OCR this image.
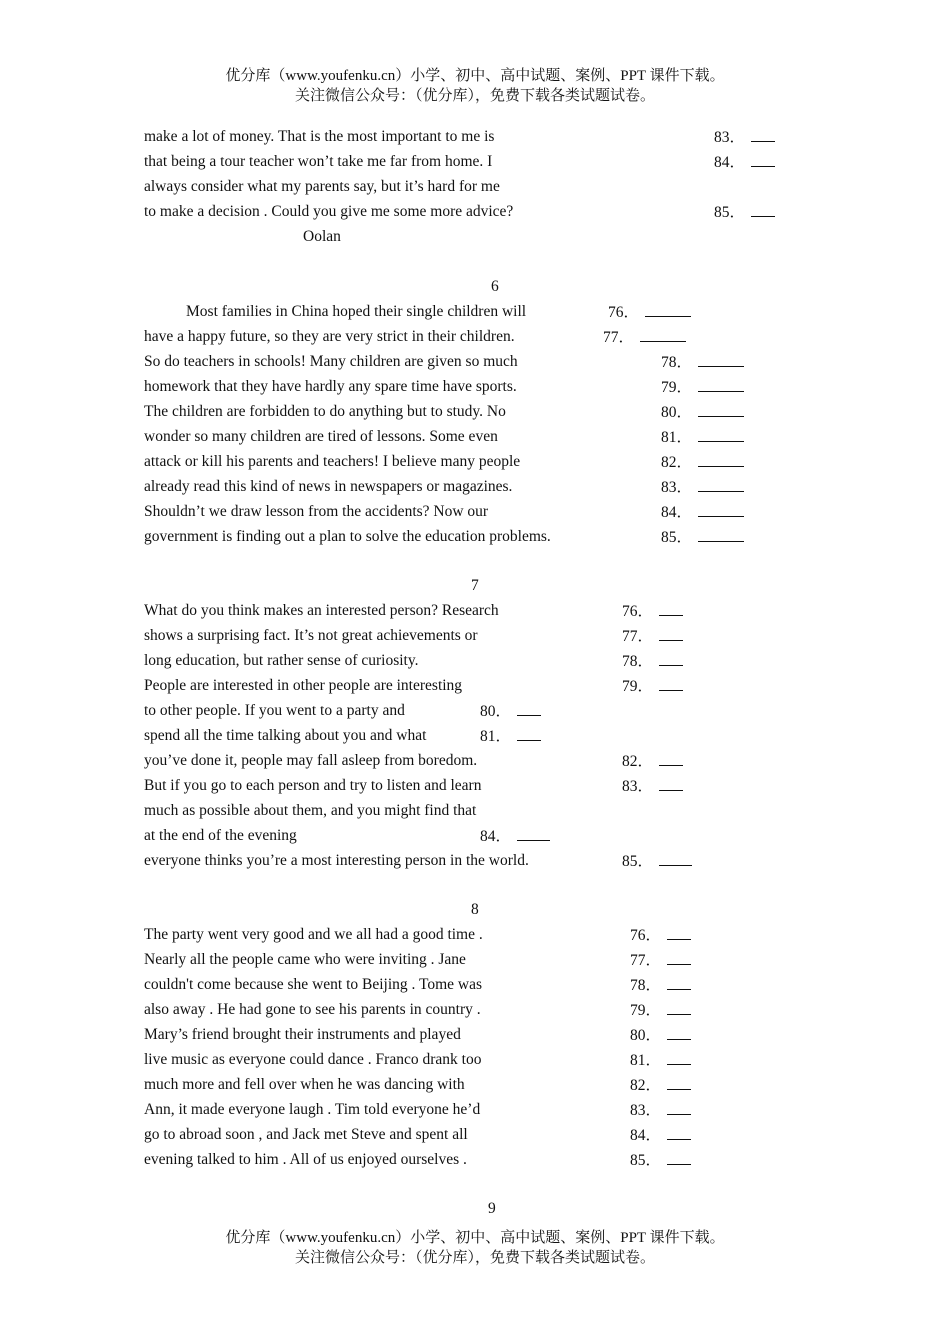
优分库（www.youfenku.cn）小学、初中、高中试题、案例、PPT 课件下载。
关注微信公众号：（优分库），免费下载各类试题试卷。
make a lot of money. That is the most important to me is
that being a tour teacher won’t take me far from home. I
always consider what my parents say, but it’s hard for me
to make a decision . Could you give me some more advice?
Oolan
83．
84．
85．
6
Most families in China hoped their single children will
have a happy future, so they are very strict in their children.
So do teachers in schools! Many children are given so much
homework that they have hardly any spare time have sports.
The children are forbidden to do anything but to study. No
wonder so many children are tired of lessons. Some even
attack or kill his parents and teachers! I believe many people
already read this kind of news in newspapers or magazines.
Shouldn’t we draw lesson from the accidents? Now our
government is finding out a plan to solve the education problems.
76．
77．
78．
79．
80．
81．
82．
83．
84．
85．
7
What do you think makes an interested person? Research
shows a surprising fact. It’s not great achievements or
long education, but rather sense of curiosity.
People are interested in other people are interesting
to other people. If you went to a party and
spend all the time talking about you and what
you’ve done it, people may fall asleep from boredom.
But if you go to each person and try to listen and learn
much as possible about them, and you might find that
at the end of the evening
everyone thinks you’re a most interesting person in the world.
76．
77．
78．
79．
80．
81．
82．
83．
84．
85．
8
The party went very good and we all had a good time .
Nearly all the people came who were inviting . Jane
couldn't come because she went to Beijing . Tome was
also away . He had gone to see his parents in country .
Mary’s friend brought their instruments and played
live music as everyone could dance . Franco drank too
much more and fell over when he was dancing with
Ann, it made everyone laugh . Tim told everyone he’d
go to abroad soon , and Jack met Steve and spent all
evening talked to him . All of us enjoyed ourselves .
76．
77．
78．
79．
80．
81．
82．
83．
84．
85．
9
优分库（www.youfenku.cn）小学、初中、高中试题、案例、PPT 课件下载。
关注微信公众号：（优分库），免费下载各类试题试卷。
